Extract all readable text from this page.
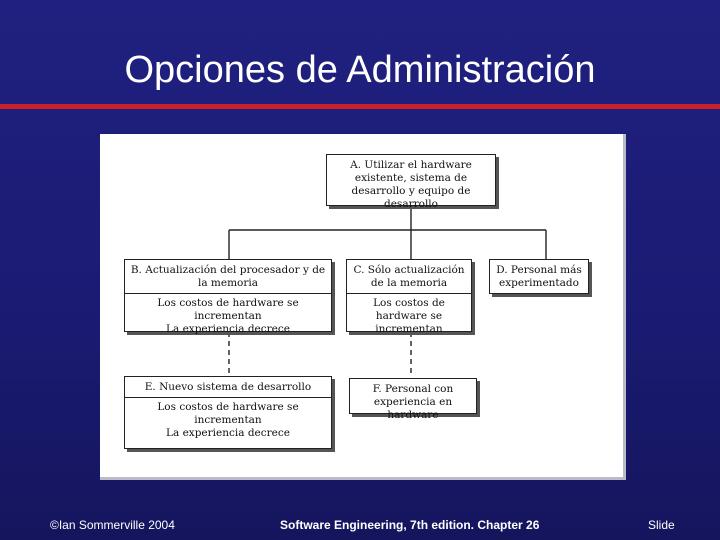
Opciones de Administración
A. Utilizar el hardware existente, sistema de desarrollo y equipo de desarrollo
B. Actualización del procesador y de la memoria
Los costos de hardware se incrementan
La experiencia decrece
C. Sólo actualización de la memoria
Los costos de hardware se incrementan
D. Personal más experimentado
E. Nuevo sistema de desarrollo
Los costos de hardware se incrementan
La experiencia decrece
F. Personal con experiencia en hardware
©Ian Sommerville 2004	Software Engineering, 7th edition. Chapter 26	Slide
